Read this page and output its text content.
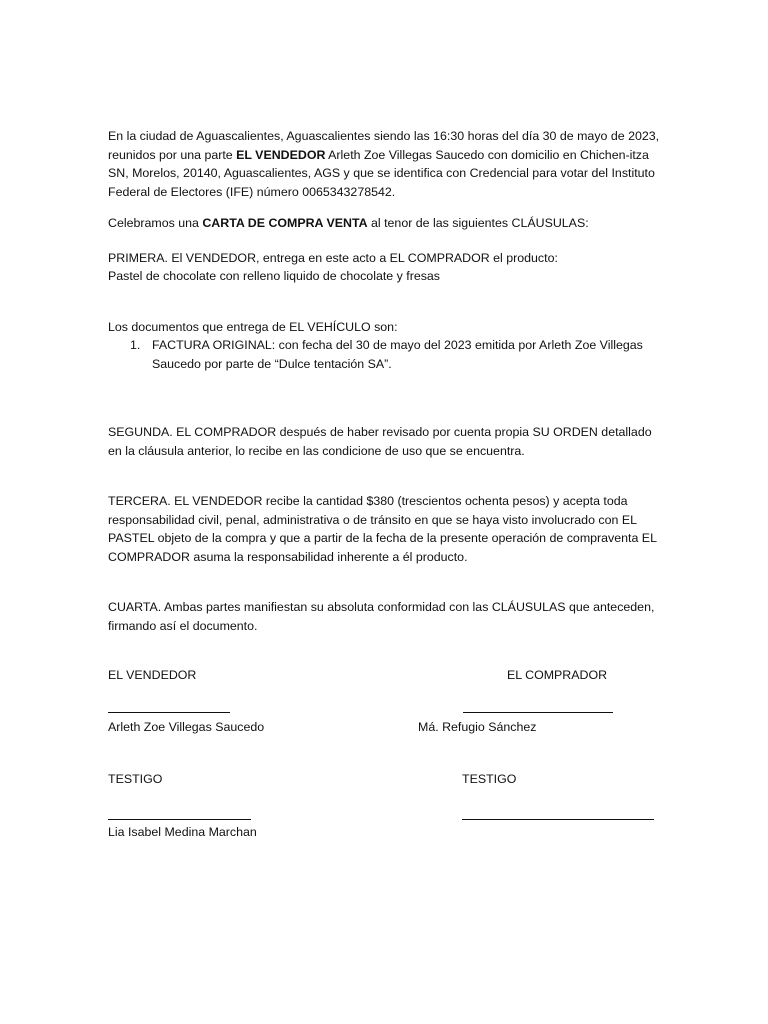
En la ciudad de Aguascalientes, Aguascalientes siendo las 16:30 horas del día 30 de mayo de 2023, reunidos por una parte EL VENDEDOR Arleth Zoe Villegas Saucedo con domicilio en Chichen-itza SN, Morelos, 20140, Aguascalientes, AGS y que se identifica con Credencial para votar del Instituto Federal de Electores (IFE) número 0065343278542.

Celebramos una CARTA DE COMPRA VENTA al tenor de las siguientes CLÁUSULAS:

PRIMERA. El VENDEDOR, entrega en este acto a EL COMPRADOR el producto:

Pastel de chocolate con relleno liquido de chocolate y fresas

Los documentos que entrega de EL VEHÍCULO son:

1. FACTURA ORIGINAL: con fecha del 30 de mayo del 2023 emitida por Arleth Zoe Villegas Saucedo por parte de “Dulce tentación SA”.

SEGUNDA. EL COMPRADOR después de haber revisado por cuenta propia SU ORDEN detallado en la cláusula anterior, lo recibe en las condicione de uso que se encuentra.

TERCERA. EL VENDEDOR recibe la cantidad $380 (trescientos ochenta pesos) y acepta toda responsabilidad civil, penal, administrativa o de tránsito en que se haya visto involucrado con EL PASTEL objeto de la compra y que a partir de la fecha de la presente operación de compraventa EL COMPRADOR asuma la responsabilidad inherente a él producto.

CUARTA. Ambas partes manifiestan su absoluta conformidad con las CLÁUSULAS que anteceden, firmando así el documento.

EL VENDEDOR	EL COMPRADOR

Arleth Zoe Villegas Saucedo	Má. Refugio Sánchez

TESTIGO	TESTIGO

Lia Isabel Medina Marchan
